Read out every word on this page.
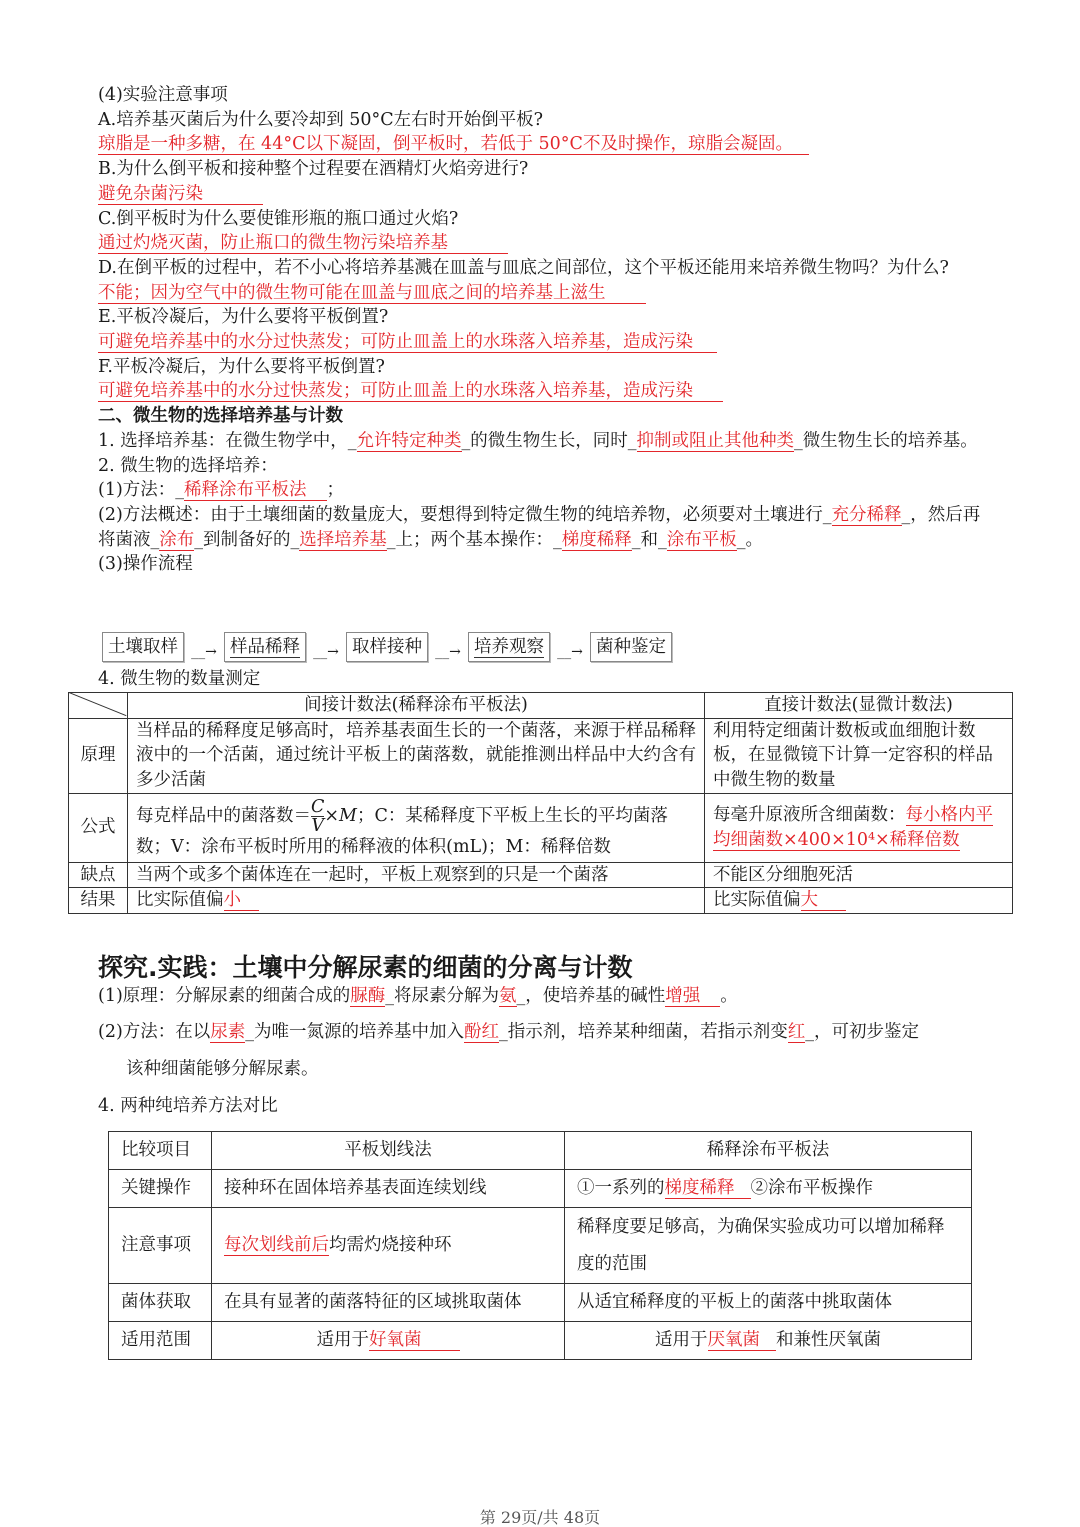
(4)实验注意事项
A.培养基灭菌后为什么要冷却到 50°C左右时开始倒平板?
琼脂是一种多糖，在 44°C以下凝固，倒平板时，若低于 50°C不及时操作，琼脂会凝固。
B.为什么倒平板和接种整个过程要在酒精灯火焰旁进行?
避免杂菌污染
C.倒平板时为什么要使锥形瓶的瓶口通过火焰?
通过灼烧灭菌，防止瓶口的微生物污染培养基
D.在倒平板的过程中，若不小心将培养基溅在皿盖与皿底之间部位，这个平板还能用来培养微生物吗？为什么?
不能；因为空气中的微生物可能在皿盖与皿底之间的培养基上滋生
E.平板冷凝后，为什么要将平板倒置?
可避免培养基中的水分过快蒸发；可防止皿盖上的水珠落入培养基，造成污染
F.平板冷凝后，为什么要将平板倒置?
可避免培养基中的水分过快蒸发；可防止皿盖上的水珠落入培养基，造成污染
二、微生物的选择培养基与计数
1. 选择培养基：在微生物学中，_允许特定种类_的微生物生长，同时_抑制或阻止其他种类_微生物生长的培养基。
2. 微生物的选择培养：
(1)方法：_稀释涂布平板法 ；
(2)方法概述：由于土壤细菌的数量庞大，要想得到特定微生物的纯培养物，必须要对土壤进行_充分稀释_，然后再将菌液_涂布_到制备好的_选择培养基_上；两个基本操作：_梯度稀释_和_涂布平板_。
(3)操作流程
土壤取样 __→ 样品稀释 __→ 取样接种 __→ 培养观察 __→ 菌种鉴定
4. 微生物的数量测定
	间接计数法(稀释涂布平板法)	直接计数法(显微计数法)
原理	当样品的稀释度足够高时，培养基表面生长的一个菌落，来源于样品稀释液中的一个活菌，通过统计平板上的菌落数，就能推测出样品中大约含有多少活菌	利用特定细菌计数板或血细胞计数板，在显微镜下计算一定容积的样品中微生物的数量
公式	每克样品中的菌落数＝ $\frac{C}{V} \times M$；C：某稀释度下平板上生长的平均菌落数；V：涂布平板时所用的稀释液的体积(mL)；M：稀释倍数	每毫升原液所含细菌数：每小格内平均细菌数×400×10⁴×稀释倍数
缺点	当两个或多个菌体连在一起时，平板上观察到的只是一个菌落	不能区分细胞死活
结果	比实际值偏小	比实际值偏大
探究.实践：土壤中分解尿素的细菌的分离与计数
(1)原理：分解尿素的细菌合成的脲酶_将尿素分解为氨_，使培养基的碱性增强 。
(2)方法：在以尿素_为唯一氮源的培养基中加入酚红_指示剂，培养某种细菌，若指示剂变红_，可初步鉴定
该种细菌能够分解尿素。
4. 两种纯培养方法对比
比较项目	平板划线法	稀释涂布平板法
关键操作	接种环在固体培养基表面连续划线	①一系列的梯度稀释 ②涂布平板操作
注意事项	每次划线前后均需灼烧接种环	稀释度要足够高，为确保实验成功可以增加稀释度的范围
菌体获取	在具有显著的菌落特征的区域挑取菌体	从适宜稀释度的平板上的菌落中挑取菌体
适用范围	适用于好氧菌	适用于厌氧菌 和兼性厌氧菌
第 29页/共 48页
